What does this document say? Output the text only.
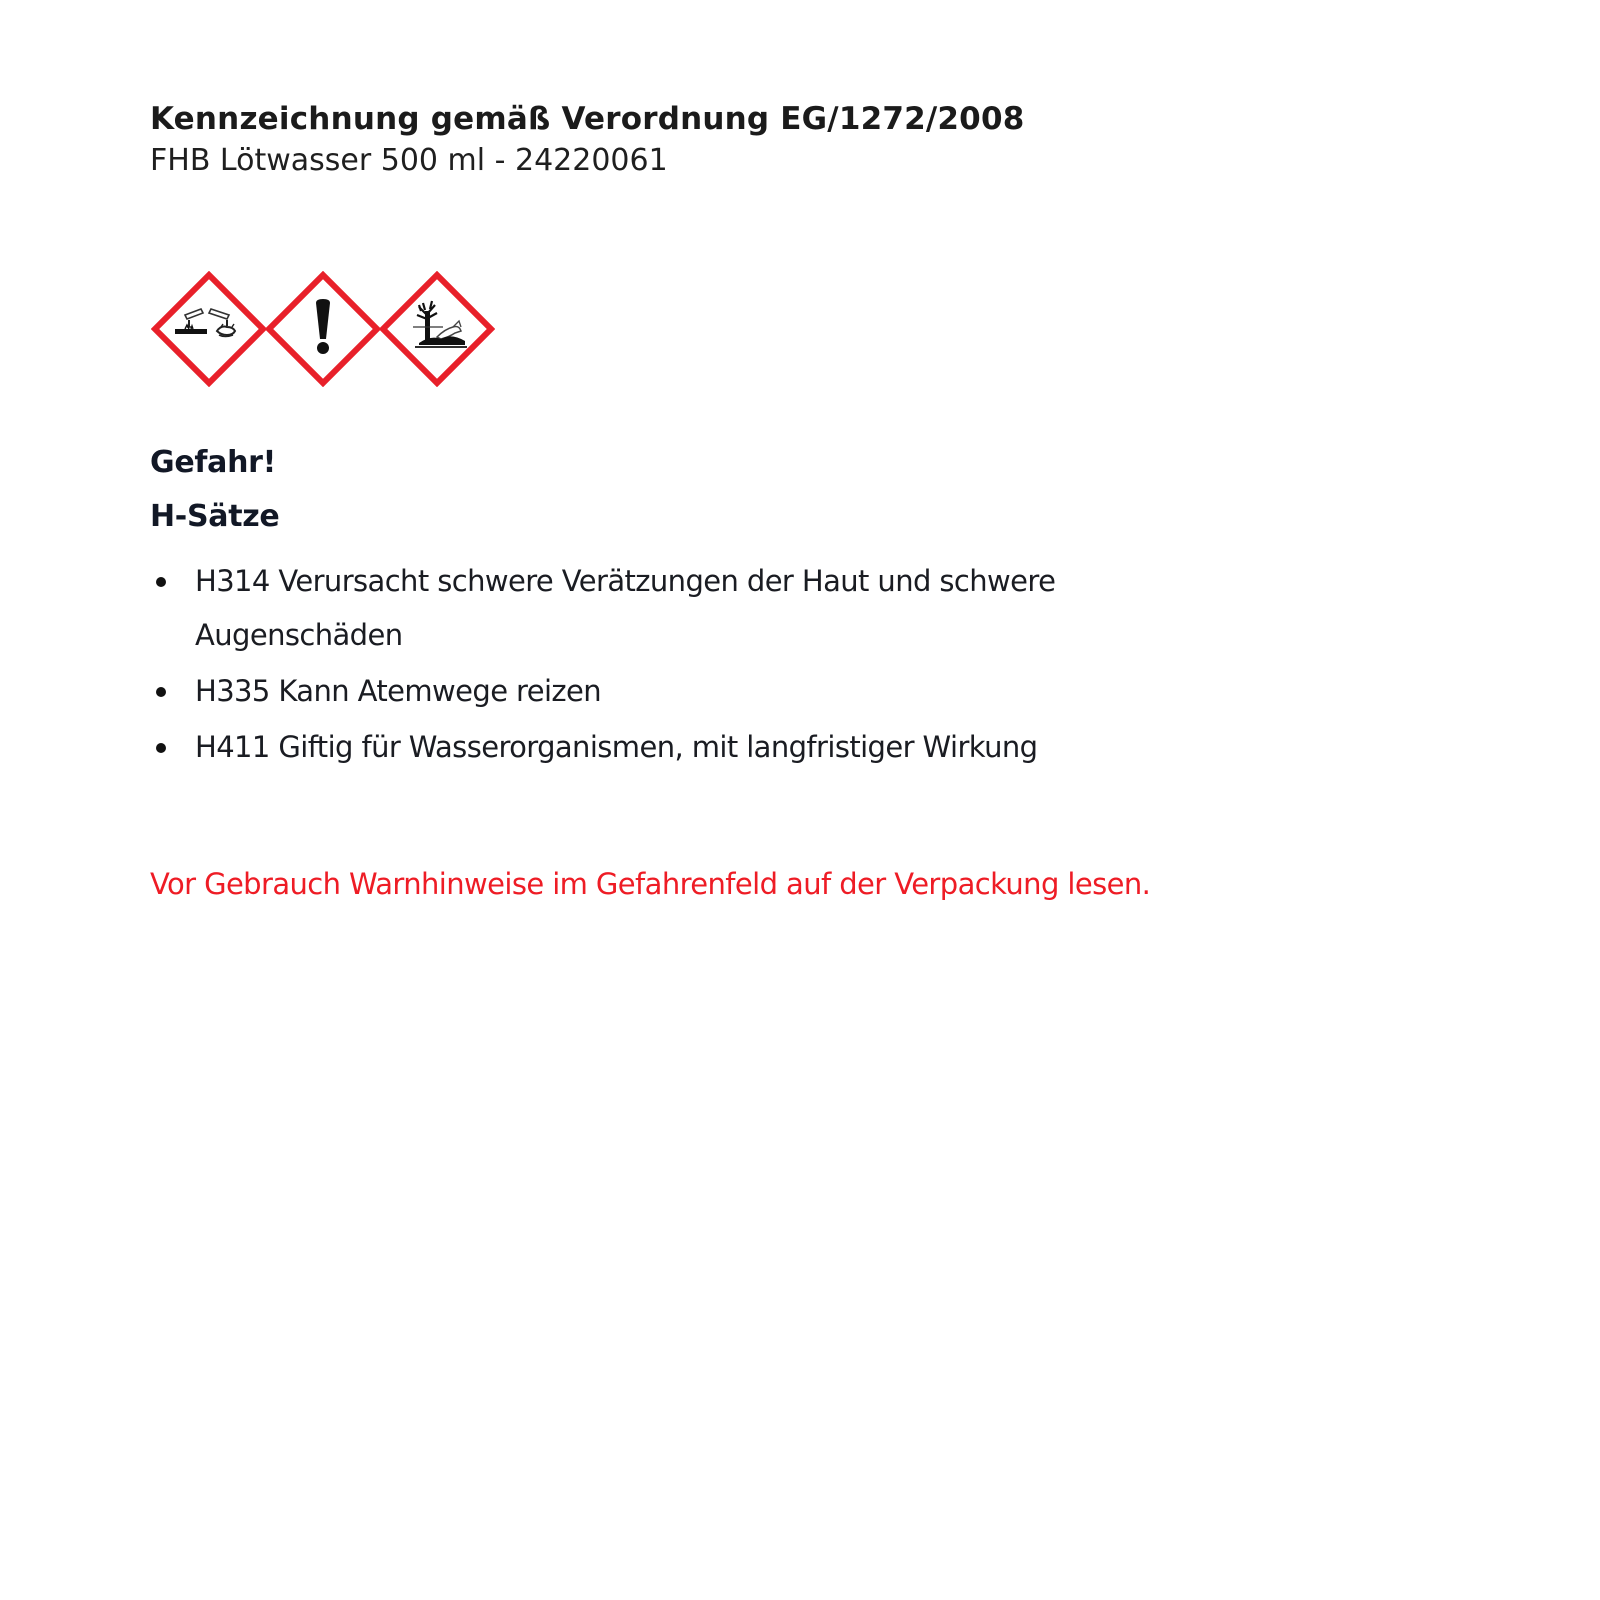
Kennzeichnung gemäß Verordnung EG/1272/2008
FHB Lötwasser 500 ml - 24220061
Gefahr!
H-Sätze
H314 Verursacht schwere Verätzungen der Haut und schwere Augenschäden
H335 Kann Atemwege reizen
H411 Giftig für Wasserorganismen, mit langfristiger Wirkung
Vor Gebrauch Warnhinweise im Gefahrenfeld auf der Verpackung lesen.
